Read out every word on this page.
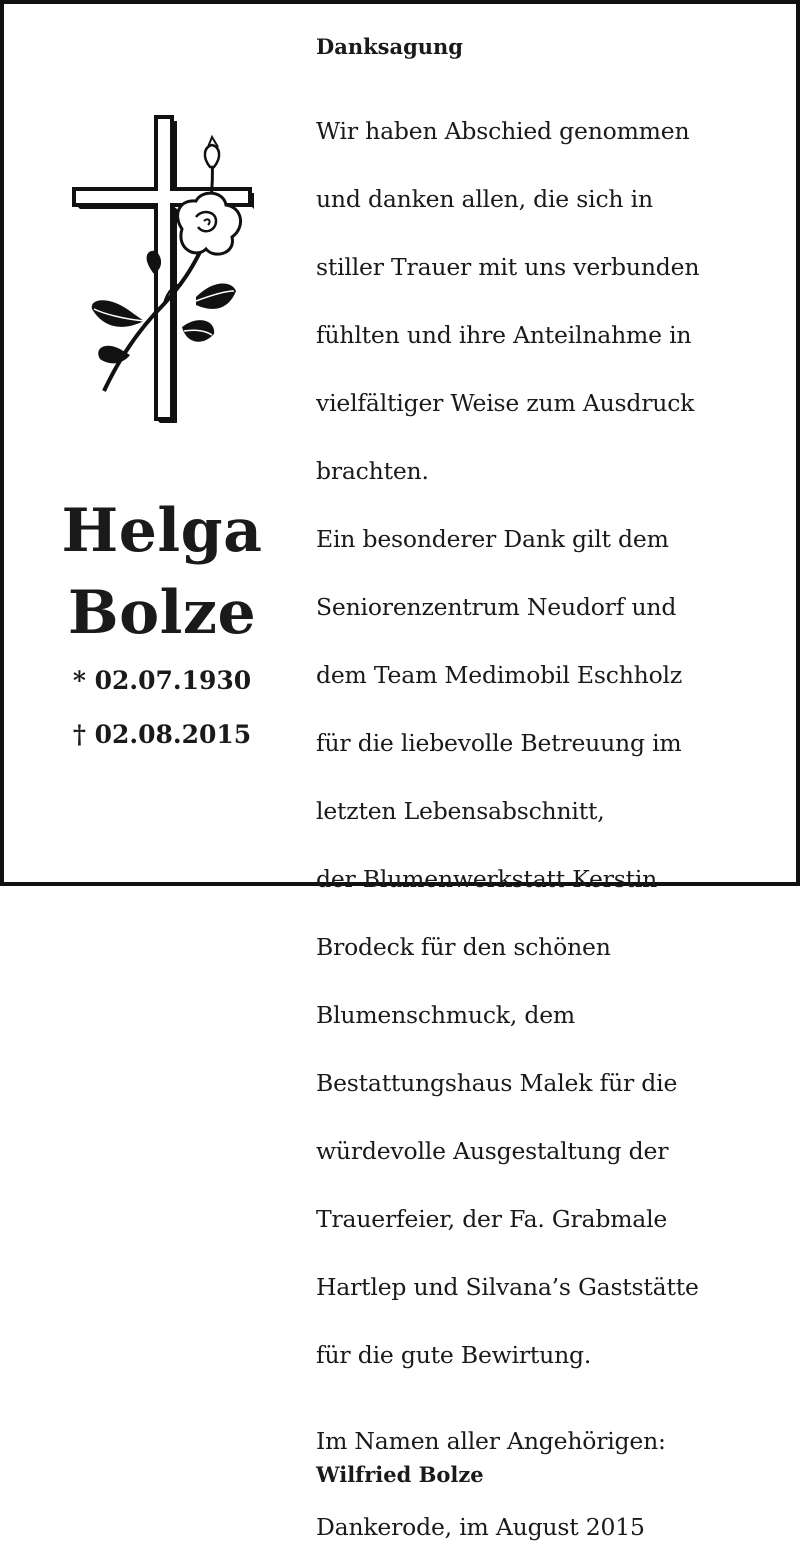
Helga
Bolze
* 02.07.1930
† 02.08.2015
Danksagung

Wir haben Abschied genommen

und danken allen, die sich in

stiller Trauer mit uns verbunden

fühlten und ihre Anteilnahme in

vielfältiger Weise zum Ausdruck

brachten.

Ein besonderer Dank gilt dem

Seniorenzentrum Neudorf und

dem Team Medimobil Eschholz

für die liebevolle Betreuung im

letzten Lebensabschnitt,

der Blumenwerkstatt Kerstin

Brodeck für den schönen

Blumenschmuck, dem

Bestattungshaus Malek für die

würdevolle Ausgestaltung der

Trauerfeier, der Fa. Grabmale

Hartlep und Silvana’s Gaststätte

für die gute Bewirtung.

Im Namen aller Angehörigen:
Wilfried Bolze
Dankerode, im August 2015
